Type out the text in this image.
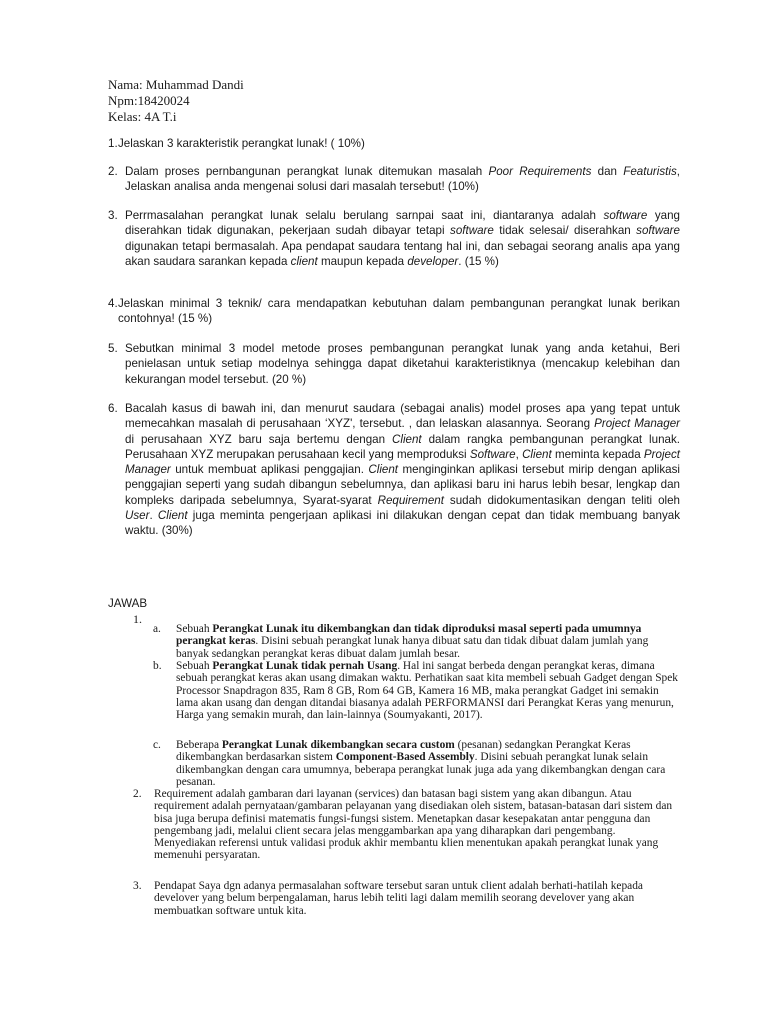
Nama: Muhammad Dandi
Npm:18420024
Kelas: 4A T.i
1. Jelaskan 3 karakteristik perangkat lunak! ( 10%)
2. Dalam proses pernbangunan perangkat lunak ditemukan masalah Poor Requirements dan Featuristis, Jelaskan analisa anda mengenai solusi dari masalah tersebut! (10%)
3. Perrmasalahan perangkat lunak selalu berulang sarnpai saat ini, diantaranya adalah software yang diserahkan tidak digunakan, pekerjaan sudah dibayar tetapi software tidak selesai/ diserahkan software digunakan tetapi bermasalah. Apa pendapat saudara tentang hal ini, dan sebagai seorang analis apa yang akan saudara sarankan kepada client maupun kepada developer. (15 %)
4. Jelaskan minimal 3 teknik/ cara mendapatkan kebutuhan dalam pembangunan perangkat lunak berikan contohnya! (15 %)
5. Sebutkan minimal 3 model metode proses pembangunan perangkat lunak yang anda ketahui, Beri penielasan untuk setiap modelnya sehingga dapat diketahui karakteristiknya (mencakup kelebihan dan kekurangan model tersebut. (20 %)
6. Bacalah kasus di bawah ini, dan menurut saudara (sebagai analis) model proses apa yang tepat untuk memecahkan masalah di perusahaan ‘XYZ', tersebut. , dan lelaskan alasannya. Seorang Project Manager di perusahaan XYZ baru saja bertemu dengan Client dalam rangka pembangunan perangkat lunak. Perusahaan XYZ merupakan perusahaan kecil yang memproduksi Software, Client meminta kepada Project Manager untuk membuat aplikasi penggajian. Client menginginkan aplikasi tersebut mirip dengan aplikasi penggajian seperti yang sudah dibangun sebelumnya, dan aplikasi baru ini harus lebih besar, lengkap dan kompleks daripada sebelumnya, Syarat-syarat Requirement sudah didokumentasikan dengan teliti oleh User. Client juga meminta pengerjaan aplikasi ini dilakukan dengan cepat dan tidak membuang banyak waktu. (30%)
JAWAB
1.
a. Sebuah Perangkat Lunak itu dikembangkan dan tidak diproduksi masal seperti pada umumnya perangkat keras. Disini sebuah perangkat lunak hanya dibuat satu dan tidak dibuat dalam jumlah yang banyak sedangkan perangkat keras dibuat dalam jumlah besar.
b. Sebuah Perangkat Lunak tidak pernah Usang. Hal ini sangat berbeda dengan perangkat keras, dimana sebuah perangkat keras akan usang dimakan waktu. Perhatikan saat kita membeli sebuah Gadget dengan Spek Processor Snapdragon 835, Ram 8 GB, Rom 64 GB, Kamera 16 MB, maka perangkat Gadget ini semakin lama akan usang dan dengan ditandai biasanya adalah PERFORMANSI dari Perangkat Keras yang menurun, Harga yang semakin murah, dan lain-lainnya (Soumyakanti, 2017).
c. Beberapa Perangkat Lunak dikembangkan secara custom (pesanan) sedangkan Perangkat Keras dikembangkan berdasarkan sistem Component-Based Assembly. Disini sebuah perangkat lunak selain dikembangkan dengan cara umumnya, beberapa perangkat lunak juga ada yang dikembangkan dengan cara pesanan.
2. Requirement adalah gambaran dari layanan (services) dan batasan bagi sistem yang akan dibangun. Atau requirement adalah pernyataan/gambaran pelayanan yang disediakan oleh sistem, batasan-batasan dari sistem dan bisa juga berupa definisi matematis fungsi-fungsi sistem. Menetapkan dasar kesepakatan antar pengguna dan pengembang jadi, melalui client secara jelas menggambarkan apa yang diharapkan dari pengembang. Menyediakan referensi untuk validasi produk akhir membantu klien menentukan apakah perangkat lunak yang memenuhi persyaratan.
3. Pendapat Saya dgn adanya permasalahan software tersebut saran untuk client adalah berhati-hatilah kepada develover yang belum berpengalaman, harus lebih teliti lagi dalam memilih seorang develover yang akan membuatkan software untuk kita.
